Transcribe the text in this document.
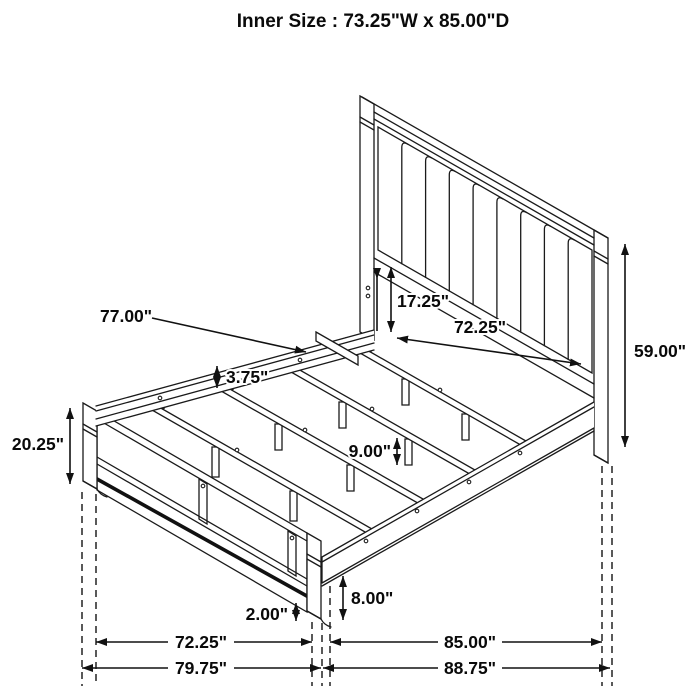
77.00"
17.25"
72.25"
59.00"
3.75"
20.25"	9.00"
8.00"
2.00"
72.25"	85.00"
79.75"	88.75"
Inner Size : 73.25"W x 85.00"D
